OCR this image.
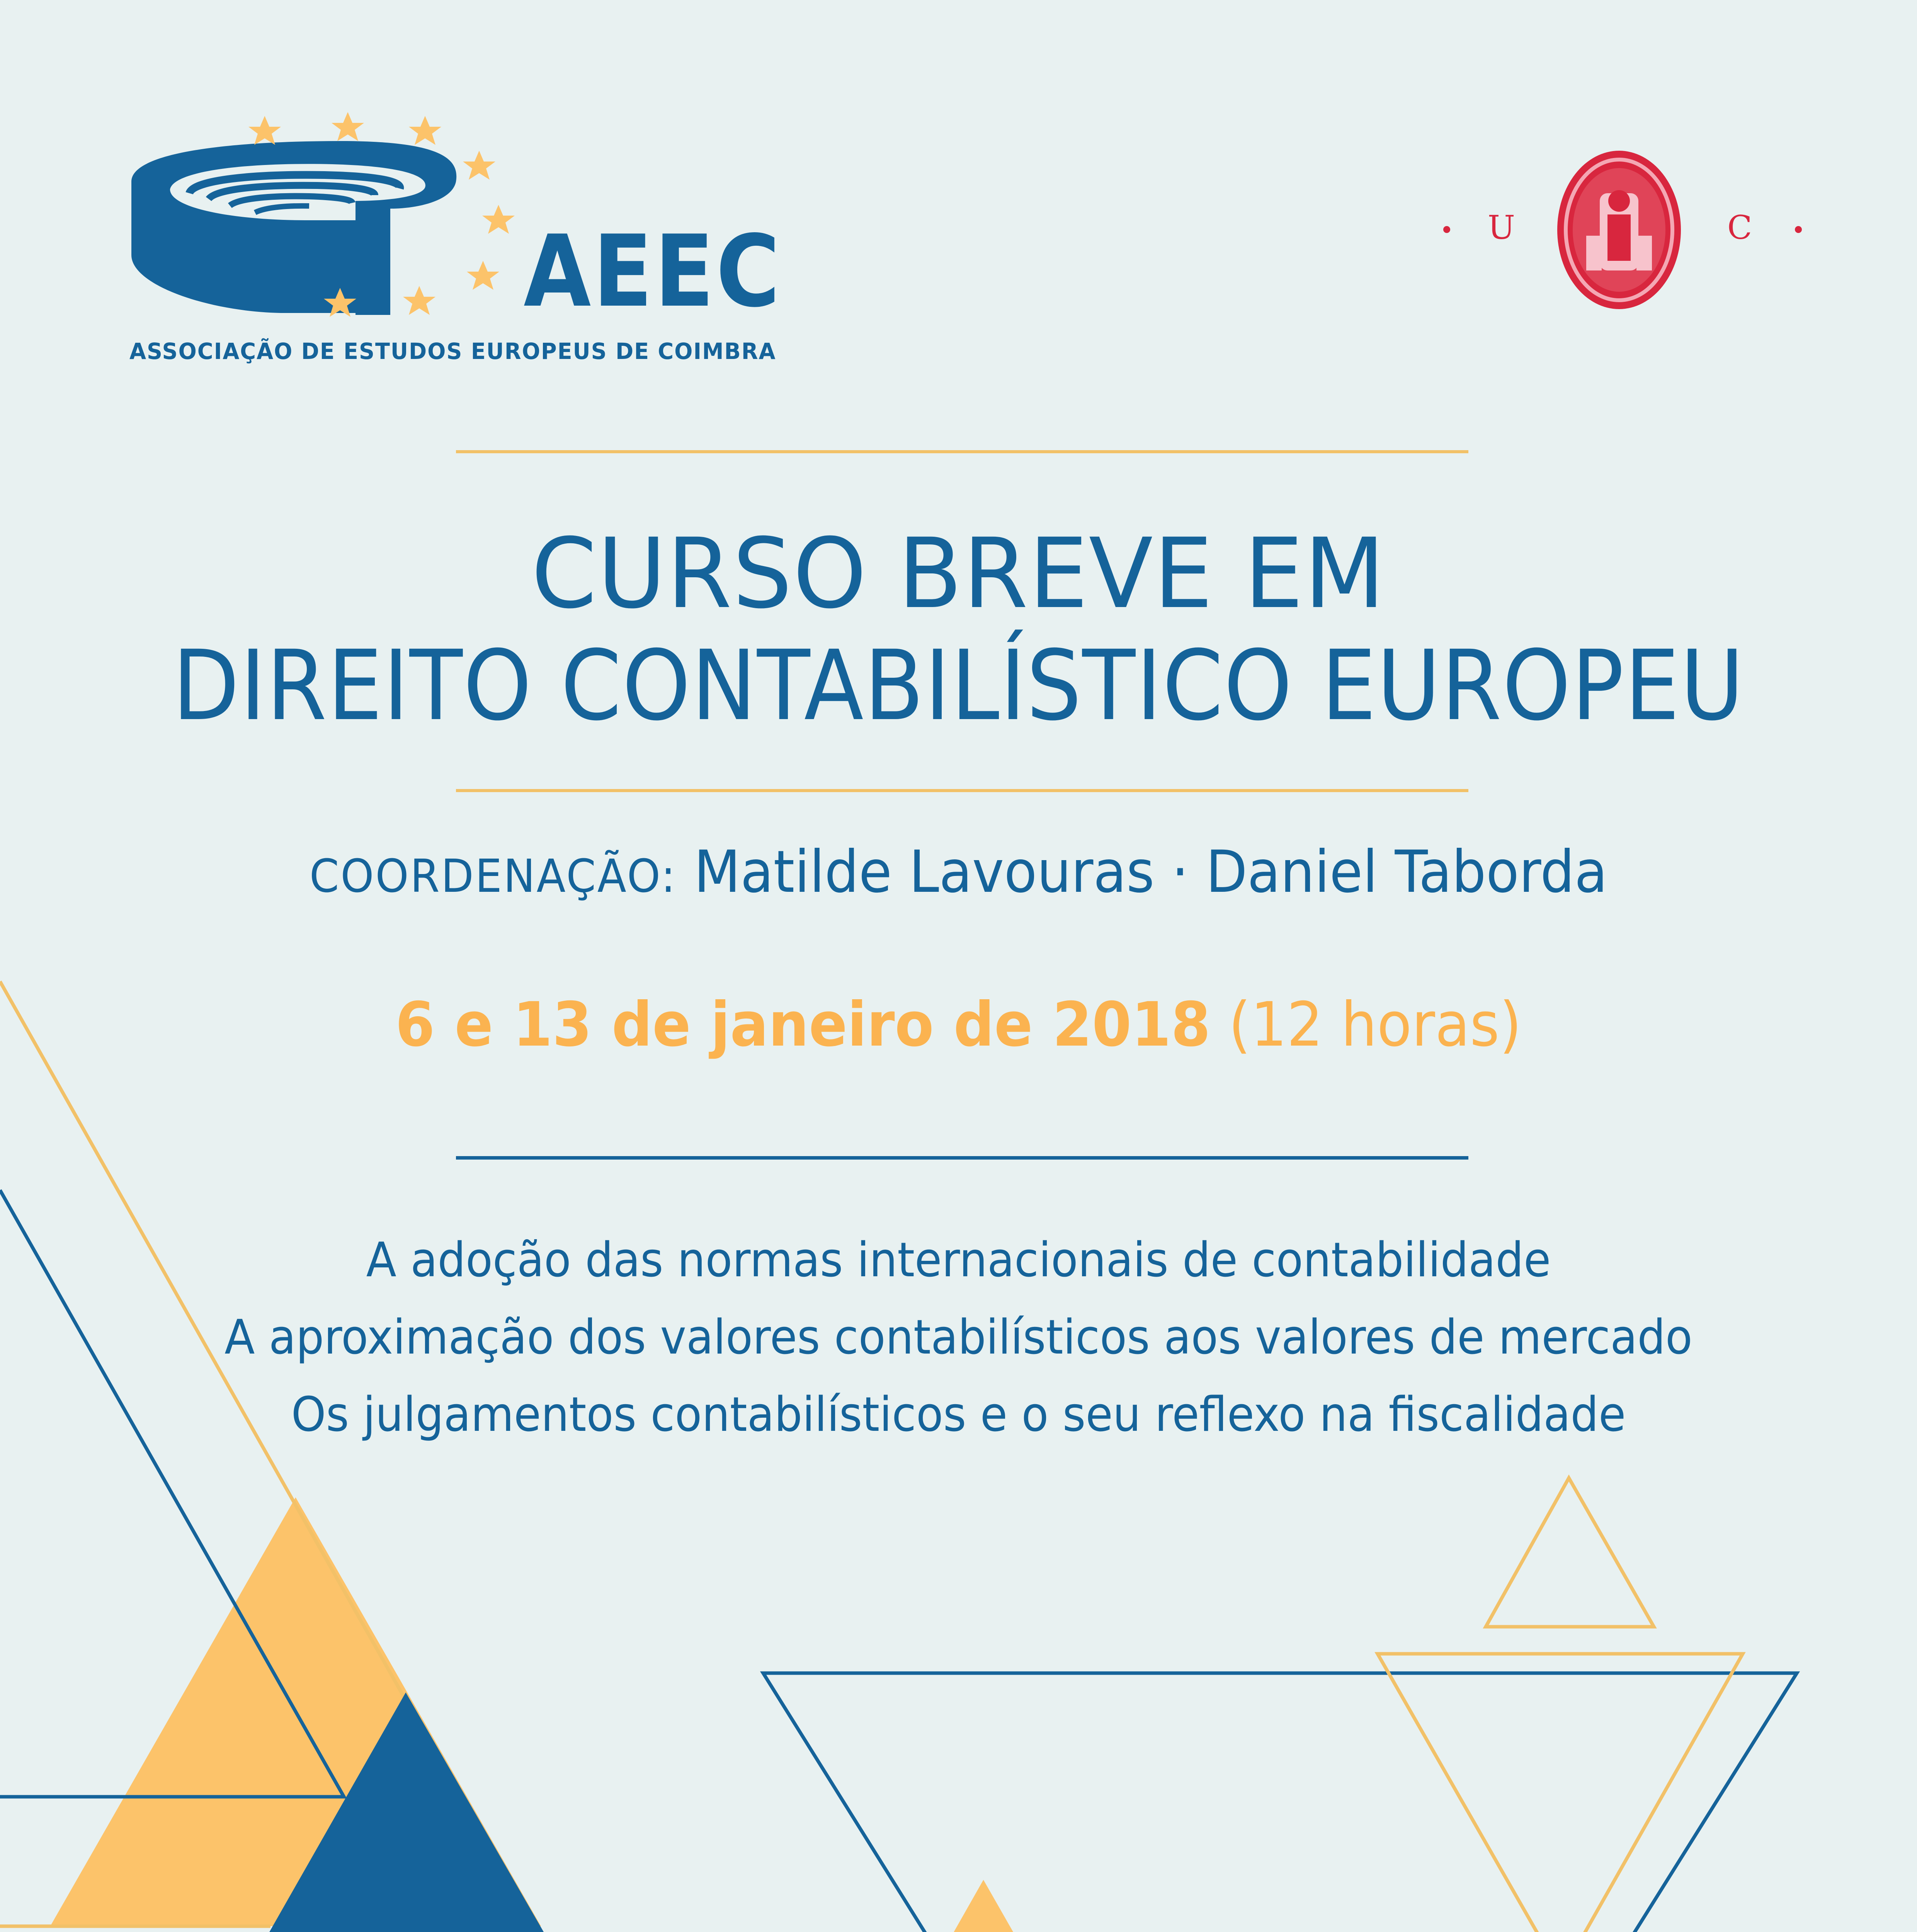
AEEC
ASSOCIAÇÃO DE ESTUDOS EUROPEUS DE COIMBRA
U	C
CURSO BREVE EM
DIREITO CONTABILÍSTICO EUROPEU
COORDENAÇÃO: Matilde Lavouras · Daniel Taborda
6 e 13 de janeiro de 2018 (12 horas)
A adoção das normas internacionais de contabilidade
A aproximação dos valores contabilísticos aos valores de mercado
Os julgamentos contabilísticos e o seu reflexo na fiscalidade
